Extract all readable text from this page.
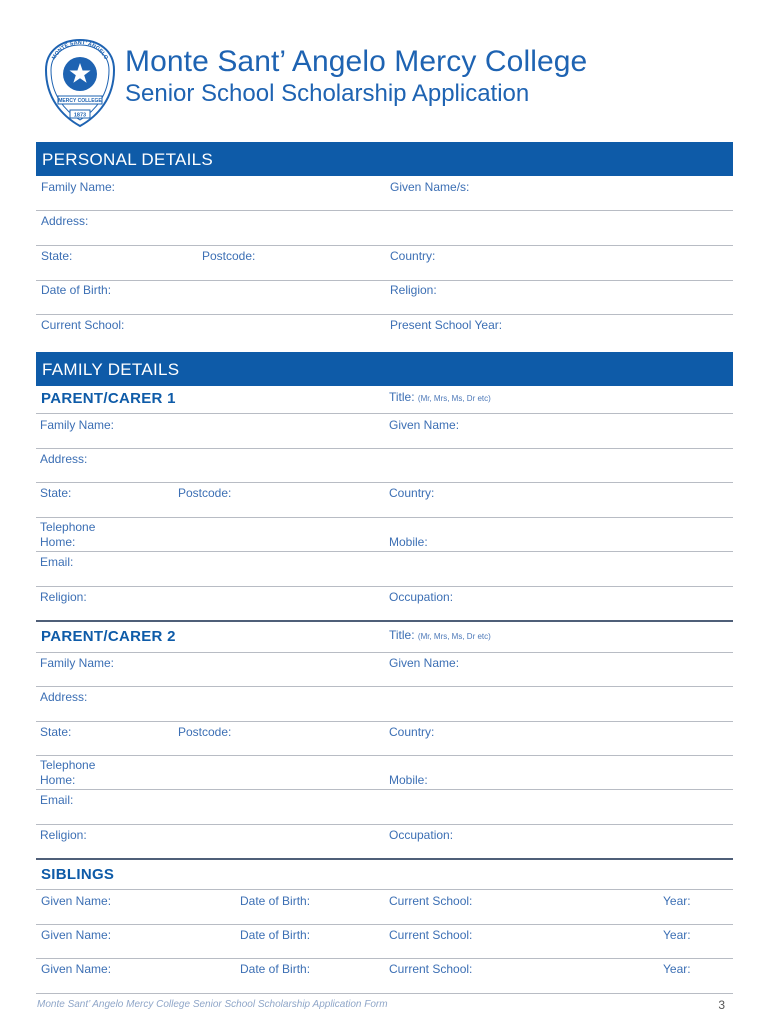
MONTE SANT' ANGELO
MERCY COLLEGE
1873
Monte Sant’ Angelo Mercy College
Senior School Scholarship Application
PERSONAL DETAILS
Family Name:	Given Name/s:
Address:
State:	Postcode:	Country:
Date of Birth:	Religion:
Current School:	Present School Year:
FAMILY DETAILS
PARENT/CARER 1	Title: (Mr, Mrs, Ms, Dr etc)
Family Name:	Given Name:
Address:
State:	Postcode:	Country:
Telephone
Home:	Mobile:
Email:
Religion:	Occupation:
PARENT/CARER 2	Title: (Mr, Mrs, Ms, Dr etc)
Family Name:	Given Name:
Address:
State:	Postcode:	Country:
Telephone
Home:	Mobile:
Email:
Religion:	Occupation:
SIBLINGS
Given Name:	Date of Birth:	Current School:	Year:
Given Name:	Date of Birth:	Current School:	Year:
Given Name:	Date of Birth:	Current School:	Year:
Monte Sant’ Angelo Mercy College Senior School Scholarship Application Form	3
